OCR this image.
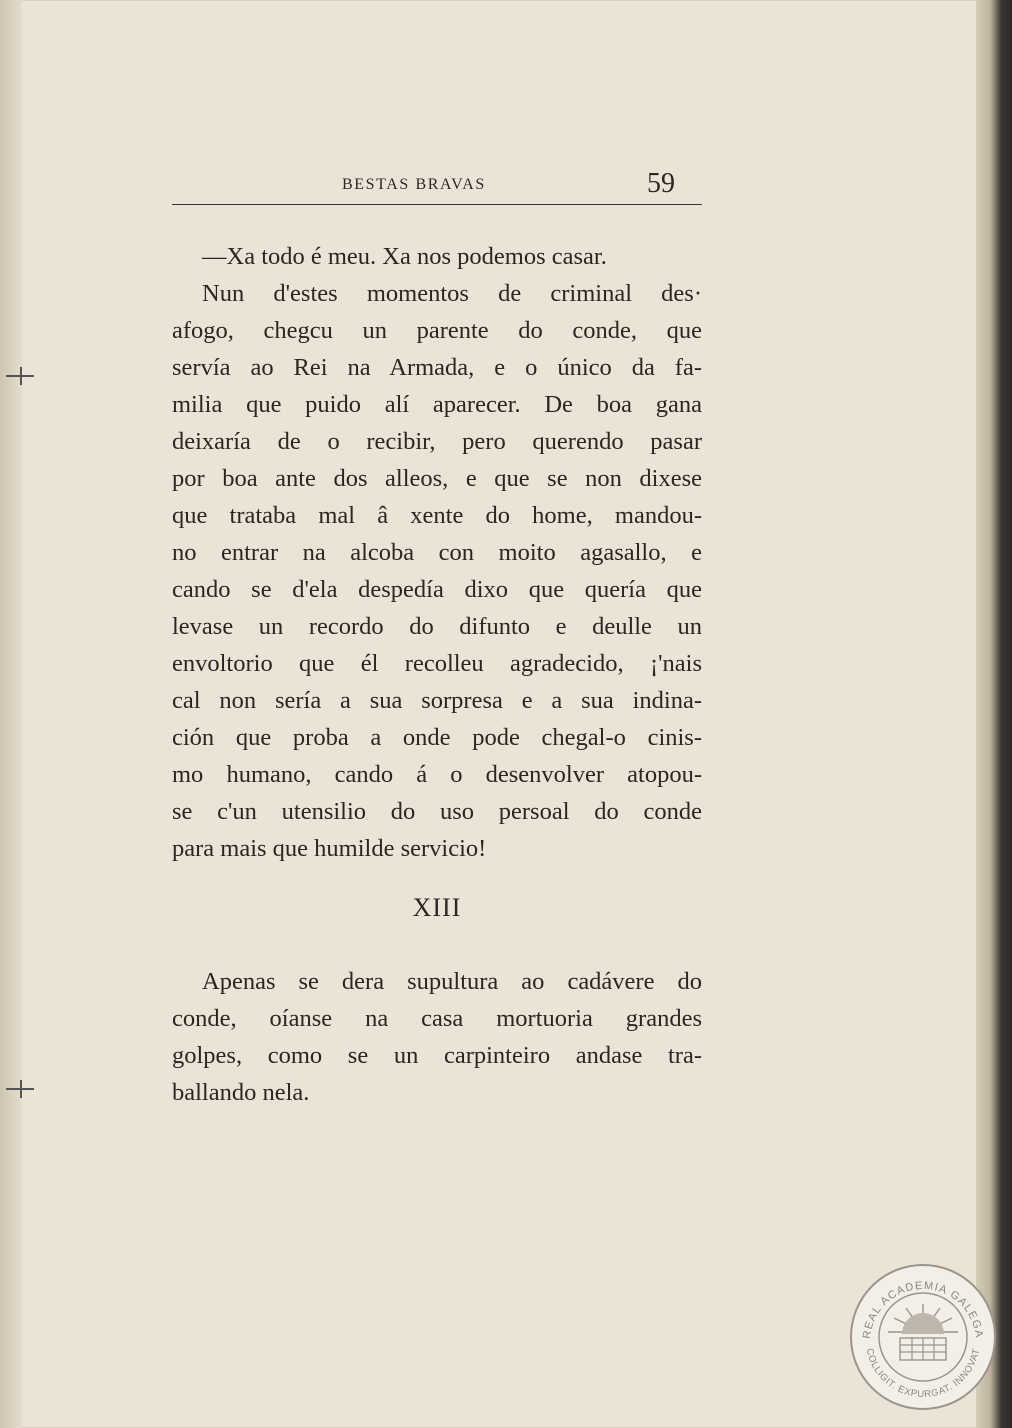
BESTAS BRAVAS	59
—Xa todo é meu. Xa nos podemos casar.
Nun d'estes momentos de criminal des·
afogo, chegcu un parente do conde, que
servía ao Rei na Armada, e o único da fa-
milia que puido alí aparecer. De boa gana
deixaría de o recibir, pero querendo pasar
por boa ante dos alleos, e que se non dixese
que trataba mal â xente do home, mandou-
no entrar na alcoba con moito agasallo, e
cando se d'ela despedía dixo que quería que
levase un recordo do difunto e deulle un
envoltorio que él recolleu agradecido, ¡'nais
cal non sería a sua sorpresa e a sua indina-
ción que proba a onde pode chegal-o cinis-
mo humano, cando á o desenvolver atopou-
se c'un utensilio do uso persoal do conde
para mais que humilde servicio!
XIII
Apenas se dera supultura ao cadávere do
conde, oíanse na casa mortuoria grandes
golpes, como se un carpinteiro andase tra-
ballando nela.
REAL ACADEMIA GALEGA
COLLIGIT. EXPURGAT. INNOVAT
